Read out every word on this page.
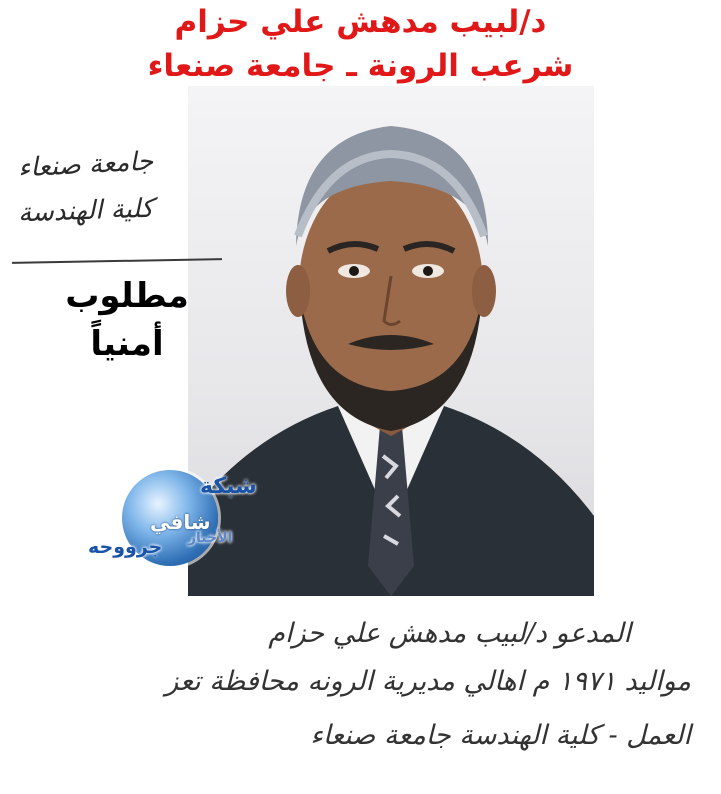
د/لبيب مدهش علي حزام
شرعب الرونة ـ جامعة صنعاء
جامعة صنعاء
كلية الهندسة
مطلوب
أمنياً
شبكة
شافي
الأخبار
جرووحه
المدعو د/لبيب مدهش علي حزام
مواليد ١٩٧١ م اهالي مديرية الرونه محافظة تعز
العمل - كلية الهندسة جامعة صنعاء
